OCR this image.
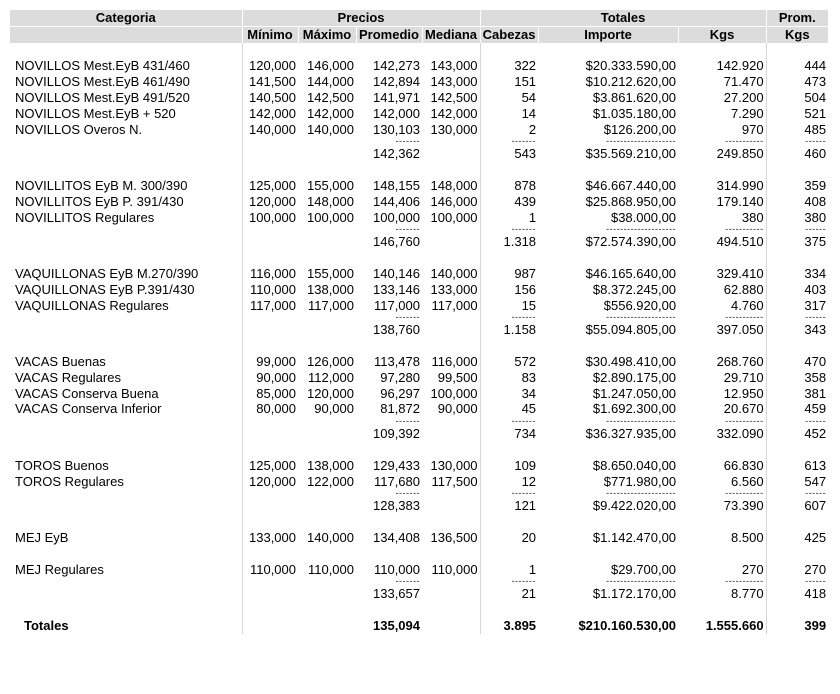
Categoria	Precios				Totales			Prom.
	Mínimo	Máximo	Promedio	Mediana	Cabezas	Importe	Kgs	Kgs

NOVILLOS Mest.EyB 431/460	120,000	146,000	142,273	143,000	322	$20.333.590,00	142.920	444
NOVILLOS Mest.EyB 461/490	141,500	144,000	142,894	143,000	151	$10.212.620,00	71.470	473
NOVILLOS Mest.EyB 491/520	140,500	142,500	141,971	142,500	54	$3.861.620,00	27.200	504
NOVILLOS Mest.EyB + 520	142,000	142,000	142,000	142,000	14	$1.035.180,00	7.290	521
NOVILLOS Overos N.	140,000	140,000	130,103	130,000	2	$126.200,00	970	485
			-------		-------	--------------------	-----------	------
			142,362		543	$35.569.210,00	249.850	460

NOVILLITOS EyB M. 300/390	125,000	155,000	148,155	148,000	878	$46.667.440,00	314.990	359
NOVILLITOS EyB P. 391/430	120,000	148,000	144,406	146,000	439	$25.868.950,00	179.140	408
NOVILLITOS Regulares	100,000	100,000	100,000	100,000	1	$38.000,00	380	380
			-------		-------	--------------------	-----------	------
			146,760		1.318	$72.574.390,00	494.510	375

VAQUILLONAS EyB M.270/390	116,000	155,000	140,146	140,000	987	$46.165.640,00	329.410	334
VAQUILLONAS EyB P.391/430	110,000	138,000	133,146	133,000	156	$8.372.245,00	62.880	403
VAQUILLONAS Regulares	117,000	117,000	117,000	117,000	15	$556.920,00	4.760	317
			-------		-------	--------------------	-----------	------
			138,760		1.158	$55.094.805,00	397.050	343

VACAS Buenas	99,000	126,000	113,478	116,000	572	$30.498.410,00	268.760	470
VACAS Regulares	90,000	112,000	97,280	99,500	83	$2.890.175,00	29.710	358
VACAS Conserva Buena	85,000	120,000	96,297	100,000	34	$1.247.050,00	12.950	381
VACAS Conserva Inferior	80,000	90,000	81,872	90,000	45	$1.692.300,00	20.670	459
			-------		-------	--------------------	-----------	------
			109,392		734	$36.327.935,00	332.090	452

TOROS Buenos	125,000	138,000	129,433	130,000	109	$8.650.040,00	66.830	613
TOROS Regulares	120,000	122,000	117,680	117,500	12	$771.980,00	6.560	547
			-------		-------	--------------------	-----------	------
			128,383		121	$9.422.020,00	73.390	607

MEJ EyB	133,000	140,000	134,408	136,500	20	$1.142.470,00	8.500	425

MEJ Regulares	110,000	110,000	110,000	110,000	1	$29.700,00	270	270
			-------		-------	--------------------	-----------	------
			133,657		21	$1.172.170,00	8.770	418

Totales			135,094		3.895	$210.160.530,00	1.555.660	399
